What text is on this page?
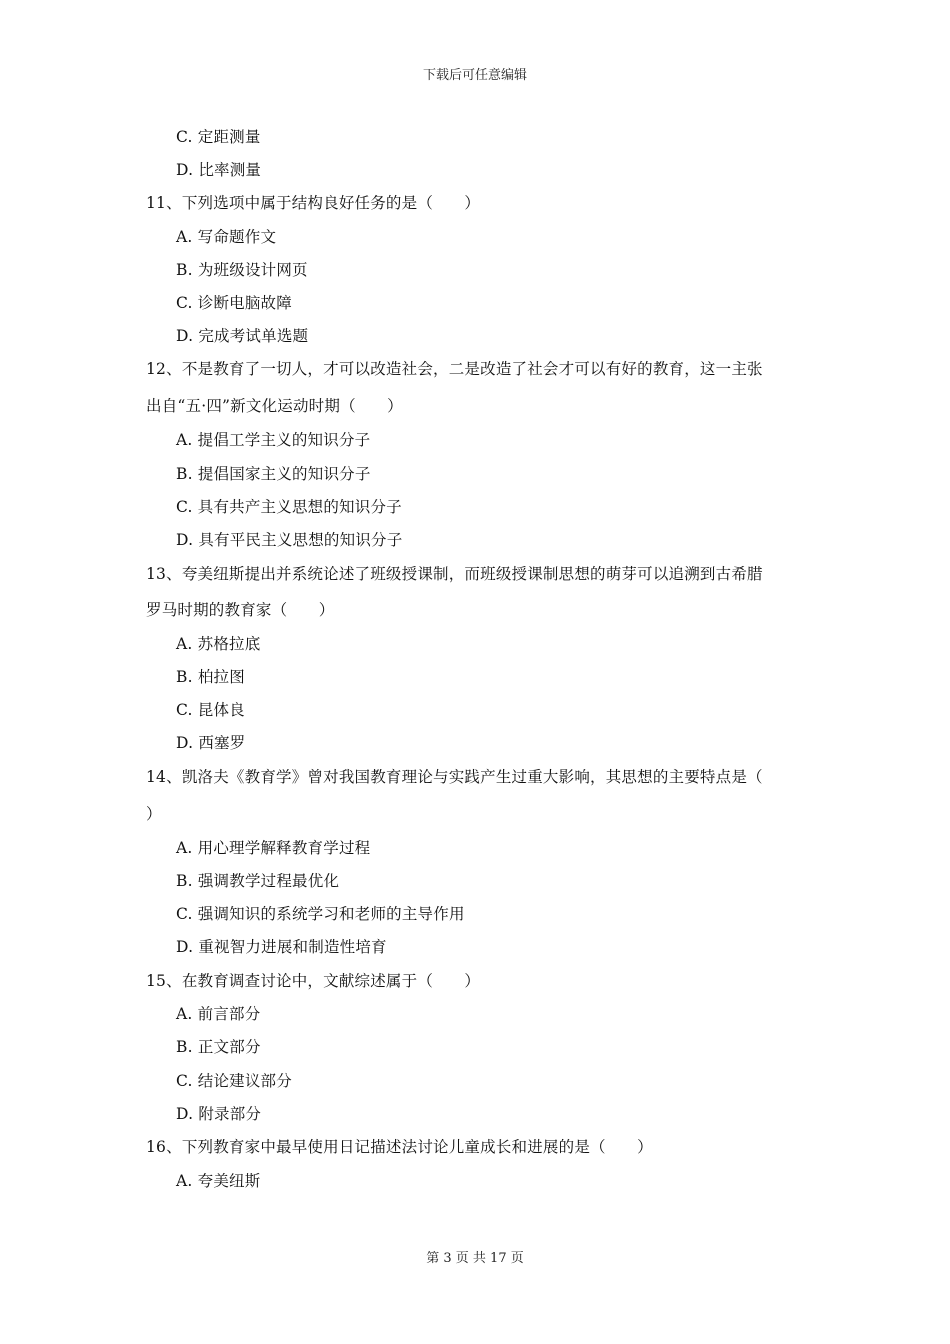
下载后可任意编辑
C. 定距测量
D. 比率测量
11、下列选项中属于结构良好任务的是（　　）
A. 写命题作文
B. 为班级设计网页
C. 诊断电脑故障
D. 完成考试单选题
12、不是教育了一切人，才可以改造社会，二是改造了社会才可以有好的教育，这一主张
出自“五·四”新文化运动时期（　　）
A. 提倡工学主义的知识分子
B. 提倡国家主义的知识分子
C. 具有共产主义思想的知识分子
D. 具有平民主义思想的知识分子
13、夸美纽斯提出并系统论述了班级授课制，而班级授课制思想的萌芽可以追溯到古希腊
罗马时期的教育家（　　）
A. 苏格拉底
B. 柏拉图
C. 昆体良
D. 西塞罗
14、凯洛夫《教育学》曾对我国教育理论与实践产生过重大影响，其思想的主要特点是（
）
A. 用心理学解释教育学过程
B. 强调教学过程最优化
C. 强调知识的系统学习和老师的主导作用
D. 重视智力进展和制造性培育
15、在教育调查讨论中，文献综述属于（　　）
A. 前言部分
B. 正文部分
C. 结论建议部分
D. 附录部分
16、下列教育家中最早使用日记描述法讨论儿童成长和进展的是（　　）
A. 夸美纽斯
第 3 页 共 17 页
